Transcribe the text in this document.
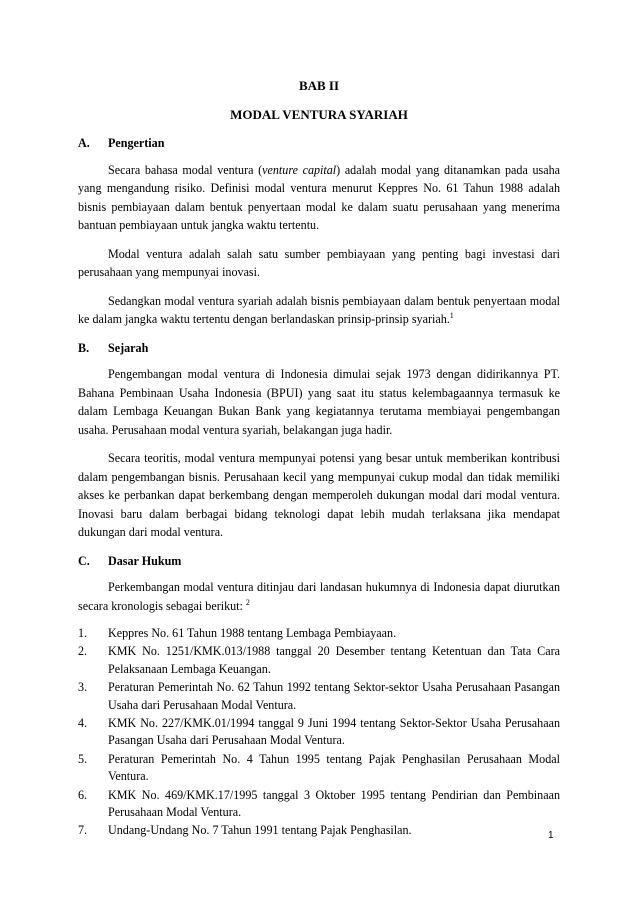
BAB II
MODAL VENTURA SYARIAH
A.	Pengertian

Secara bahasa modal ventura (venture capital) adalah modal yang ditanamkan pada usaha yang mengandung risiko. Definisi modal ventura menurut Keppres No. 61 Tahun 1988 adalah bisnis pembiayaan dalam bentuk penyertaan modal ke dalam suatu perusahaan yang menerima bantuan pembiayaan untuk jangka waktu tertentu.

Modal ventura adalah salah satu sumber pembiayaan yang penting bagi investasi dari perusahaan yang mempunyai inovasi.

Sedangkan modal ventura syariah adalah bisnis pembiayaan dalam bentuk penyertaan modal ke dalam jangka waktu tertentu dengan berlandaskan prinsip-prinsip syariah.$^1$

B.	Sejarah

Pengembangan modal ventura di Indonesia dimulai sejak 1973 dengan didirikannya PT. Bahana Pembinaan Usaha Indonesia (BPUI) yang saat itu status kelembagaannya termasuk ke dalam Lembaga Keuangan Bukan Bank yang kegiatannya terutama membiayai pengembangan usaha. Perusahaan modal ventura syariah, belakangan juga hadir.

Secara teoritis, modal ventura mempunyai potensi yang besar untuk memberikan kontribusi dalam pengembangan bisnis. Perusahaan kecil yang mempunyai cukup modal dan tidak memiliki akses ke perbankan dapat berkembang dengan memperoleh dukungan modal dari modal ventura. Inovasi baru dalam berbagai bidang teknologi dapat lebih mudah terlaksana jika mendapat dukungan dari modal ventura.

C.	Dasar Hukum

Perkembangan modal ventura ditinjau dari landasan hukumnya di Indonesia dapat diurutkan secara kronologis sebagai berikut: $^2$

1.	Keppres No. 61 Tahun 1988 tentang Lembaga Pembiayaan.
2.	KMK No. 1251/KMK.013/1988 tanggal 20 Desember tentang Ketentuan dan Tata Cara Pelaksanaan Lembaga Keuangan.
3.	Peraturan Pemerintah No. 62 Tahun 1992 tentang Sektor-sektor Usaha Perusahaan Pasangan Usaha dari Perusahaan Modal Ventura.
4.	KMK No. 227/KMK.01/1994 tanggal 9 Juni 1994 tentang Sektor-Sektor Usaha Perusahaan Pasangan Usaha dari Perusahaan Modal Ventura.
5.	Peraturan Pemerintah No. 4 Tahun 1995 tentang Pajak Penghasilan Perusahaan Modal Ventura.
6.	KMK No. 469/KMK.17/1995 tanggal 3 Oktober 1995 tentang Pendirian dan Pembinaan Perusahaan Modal Ventura.
7.	Undang-Undang No. 7 Tahun 1991 tentang Pajak Penghasilan.	1
